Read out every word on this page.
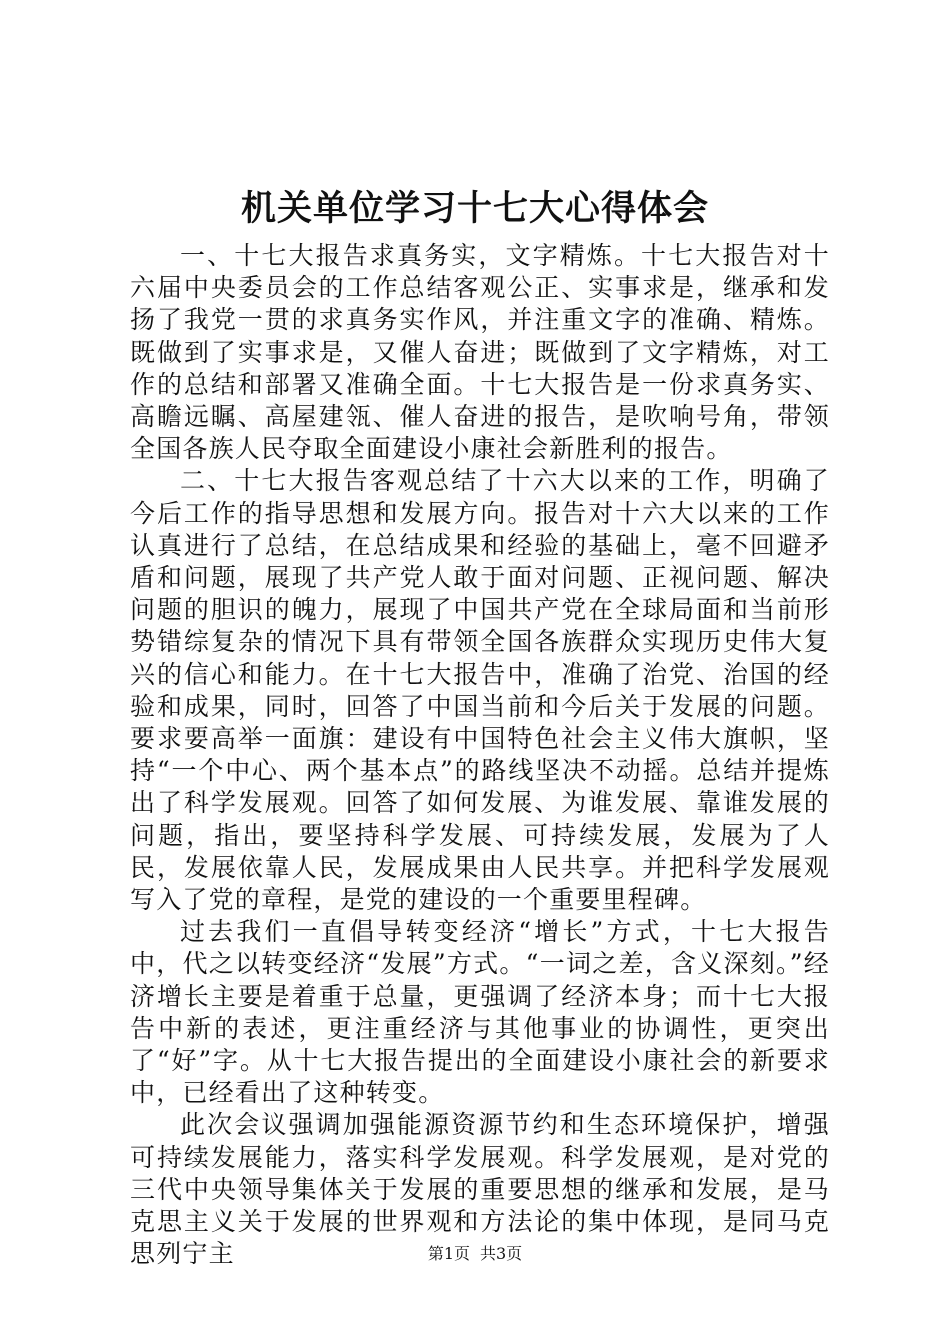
机关单位学习十七大心得体会

一、十七大报告求真务实，文字精炼。十七大报告对十六届中央委员会的工作总结客观公正、实事求是，继承和发扬了我党一贯的求真务实作风，并注重文字的准确、精炼。既做到了实事求是，又催人奋进；既做到了文字精炼，对工作的总结和部署又准确全面。十七大报告是一份求真务实、高瞻远瞩、高屋建瓴、催人奋进的报告，是吹响号角，带领全国各族人民夺取全面建设小康社会新胜利的报告。

二、十七大报告客观总结了十六大以来的工作，明确了今后工作的指导思想和发展方向。报告对十六大以来的工作认真进行了总结，在总结成果和经验的基础上，毫不回避矛盾和问题，展现了共产党人敢于面对问题、正视问题、解决问题的胆识的魄力，展现了中国共产党在全球局面和当前形势错综复杂的情况下具有带领全国各族群众实现历史伟大复兴的信心和能力。在十七大报告中，准确了治党、治国的经验和成果，同时，回答了中国当前和今后关于发展的问题。要求要高举一面旗：建设有中国特色社会主义伟大旗帜，坚持“一个中心、两个基本点”的路线坚决不动摇。总结并提炼出了科学发展观。回答了如何发展、为谁发展、靠谁发展的问题，指出，要坚持科学发展、可持续发展，发展为了人民，发展依靠人民，发展成果由人民共享。并把科学发展观写入了党的章程，是党的建设的一个重要里程碑。

过去我们一直倡导转变经济“增长”方式，十七大报告中，代之以转变经济“发展”方式。“一词之差，含义深刻。”经济增长主要是着重于总量，更强调了经济本身；而十七大报告中新的表述，更注重经济与其他事业的协调性，更突出了“好”字。从十七大报告提出的全面建设小康社会的新要求中，已经看出了这种转变。

此次会议强调加强能源资源节约和生态环境保护，增强可持续发展能力，落实科学发展观。科学发展观，是对党的三代中央领导集体关于发展的重要思想的继承和发展，是马克思主义关于发展的世界观和方法论的集中体现，是同马克思列宁主	第1页 共3页
